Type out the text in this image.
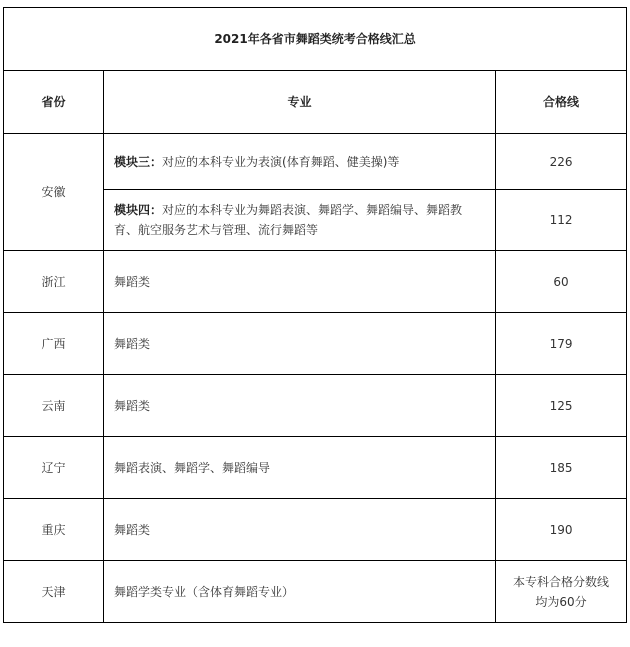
2021年各省市舞蹈类统考合格线汇总		
省份	专业	合格线
安徽	模块三：对应的本科专业为表演(体育舞蹈、健美操)等	226
	模块四：对应的本科专业为舞蹈表演、舞蹈学、舞蹈编导、舞蹈教育、航空服务艺术与管理、流行舞蹈等	112
浙江	舞蹈类	60
广西	舞蹈类	179
云南	舞蹈类	125
辽宁	舞蹈表演、舞蹈学、舞蹈编导	185
重庆	舞蹈类	190
天津	舞蹈学类专业（含体育舞蹈专业）	本专科合格分数线
均为60分
